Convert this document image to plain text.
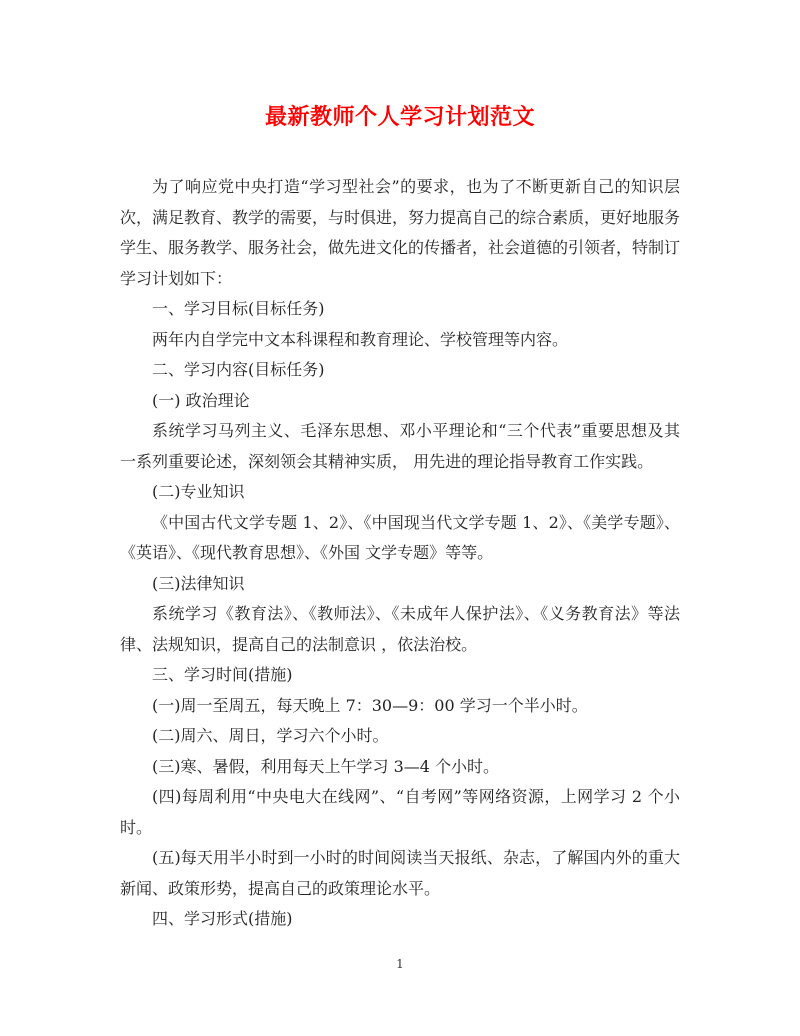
最新教师个人学习计划范文

为了响应党中央打造“学习型社会”的要求，也为了不断更新自己的知识层次，满足教育、教学的需要，与时俱进，努力提高自己的综合素质，更好地服务学生、服务教学、服务社会，做先进文化的传播者，社会道德的引领者，特制订学习计划如下：

一、学习目标(目标任务)

两年内自学完中文本科课程和教育理论、学校管理等内容。

二、学习内容(目标任务)

(一) 政治理论

系统学习马列主义、毛泽东思想、邓小平理论和“三个代表”重要思想及其一系列重要论述，深刻领会其精神实质， 用先进的理论指导教育工作实践。

(二)专业知识

《中国古代文学专题 1、2》、《中国现当代文学专题 1、2》、《美学专题》、《英语》、《现代教育思想》、《外国 文学专题》等等。

(三)法律知识

系统学习《教育法》、《教师法》、《未成年人保护法》、《义务教育法》等法律、法规知识，提高自己的法制意识 ，依法治校。

三、学习时间(措施)

(一)周一至周五，每天晚上 7：30—9：00 学习一个半小时。

(二)周六、周日，学习六个小时。

(三)寒、暑假，利用每天上午学习 3—4 个小时。

(四)每周利用“中央电大在线网”、“自考网”等网络资源，上网学习 2 个小时。

(五)每天用半小时到一小时的时间阅读当天报纸、杂志，了解国内外的重大新闻、政策形势，提高自己的政策理论水平。

四、学习形式(措施)

1
